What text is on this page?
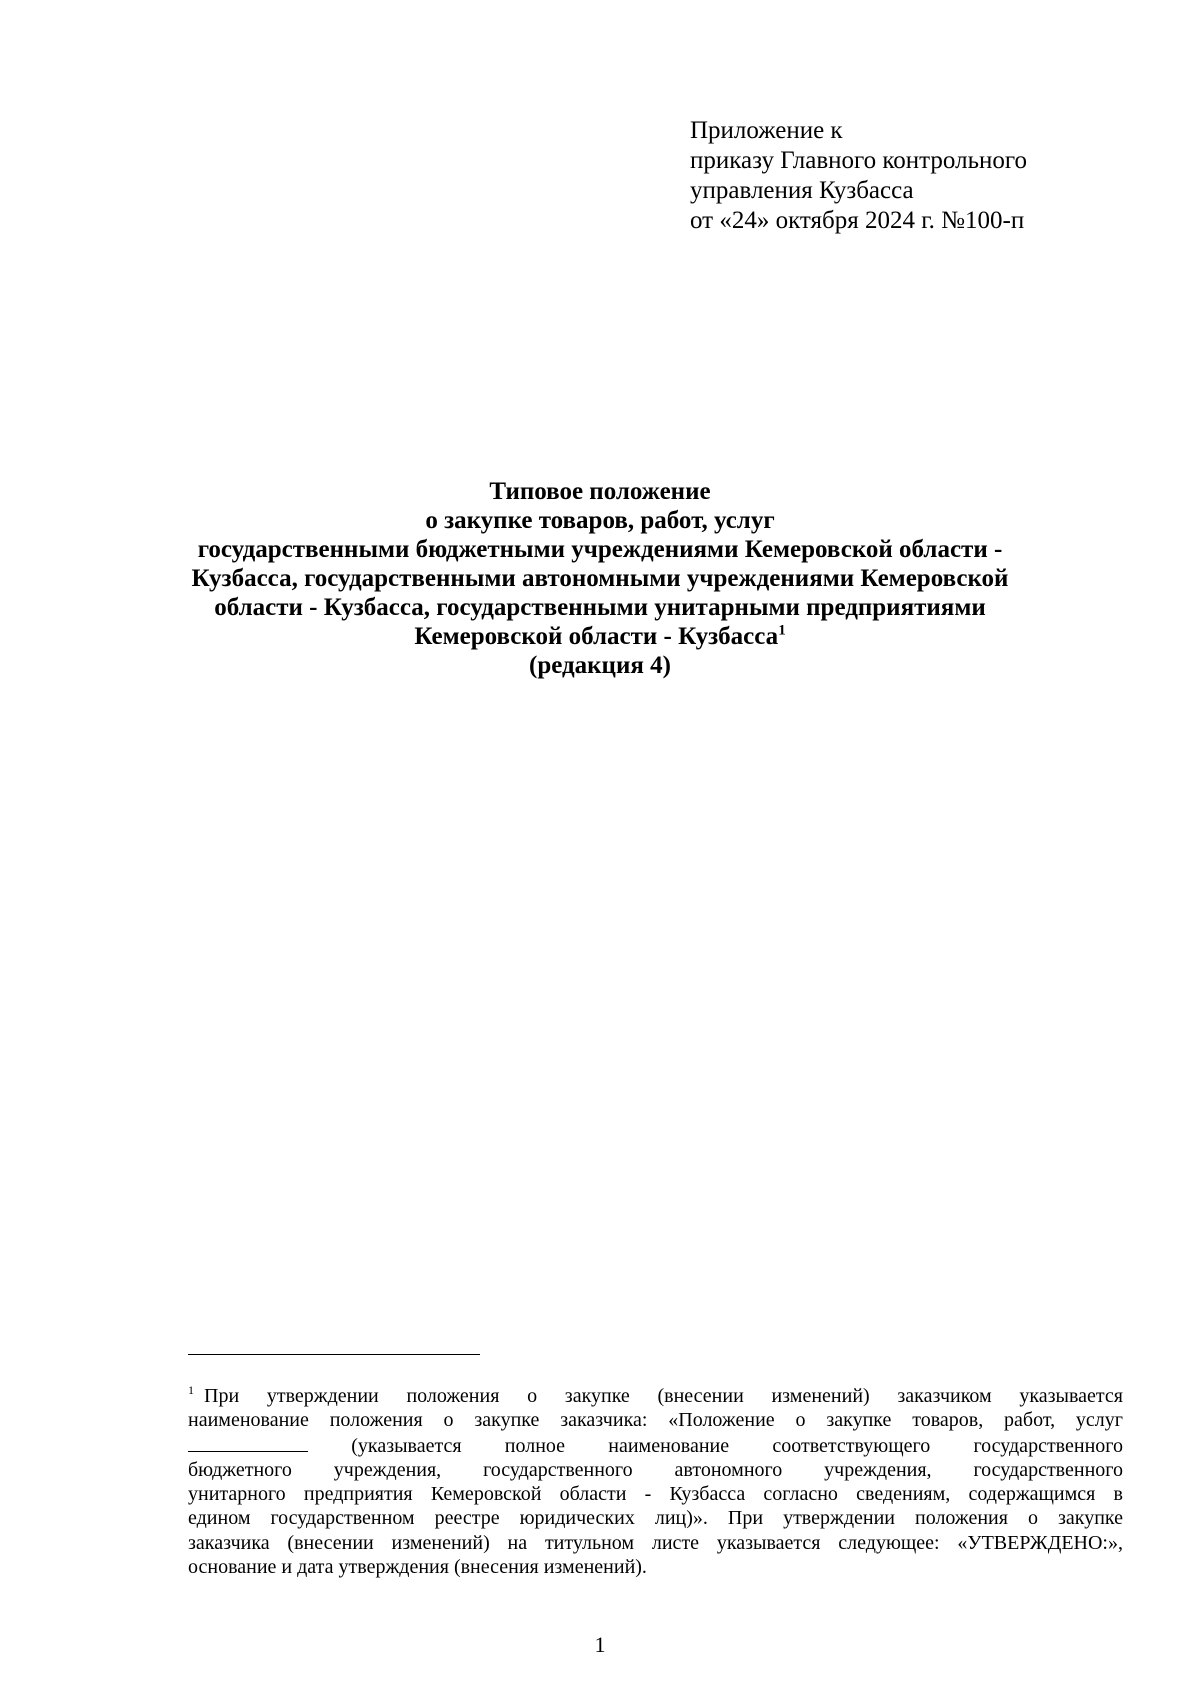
Приложение к
приказу Главного контрольного
управления Кузбасса
от «24» октября 2024 г. №100-п
Типовое положение
о закупке товаров, работ, услуг
государственными бюджетными учреждениями Кемеровской области -
Кузбасса, государственными автономными учреждениями Кемеровской
области - Кузбасса, государственными унитарными предприятиями
Кемеровской области - Кузбасса$^1$
(редакция 4)
$^1$ При утверждении положения о закупке (внесении изменений) заказчиком указывается
наименование положения о закупке заказчика: «Положение о закупке товаров, работ, услуг
(указывается полное наименование соответствующего государственного
бюджетного учреждения, государственного автономного учреждения, государственного
унитарного предприятия Кемеровской области - Кузбасса согласно сведениям, содержащимся в
едином государственном реестре юридических лиц)». При утверждении положения о закупке
заказчика (внесении изменений) на титульном листе указывается следующее: «УТВЕРЖДЕНО:»,
основание и дата утверждения (внесения изменений).
1
